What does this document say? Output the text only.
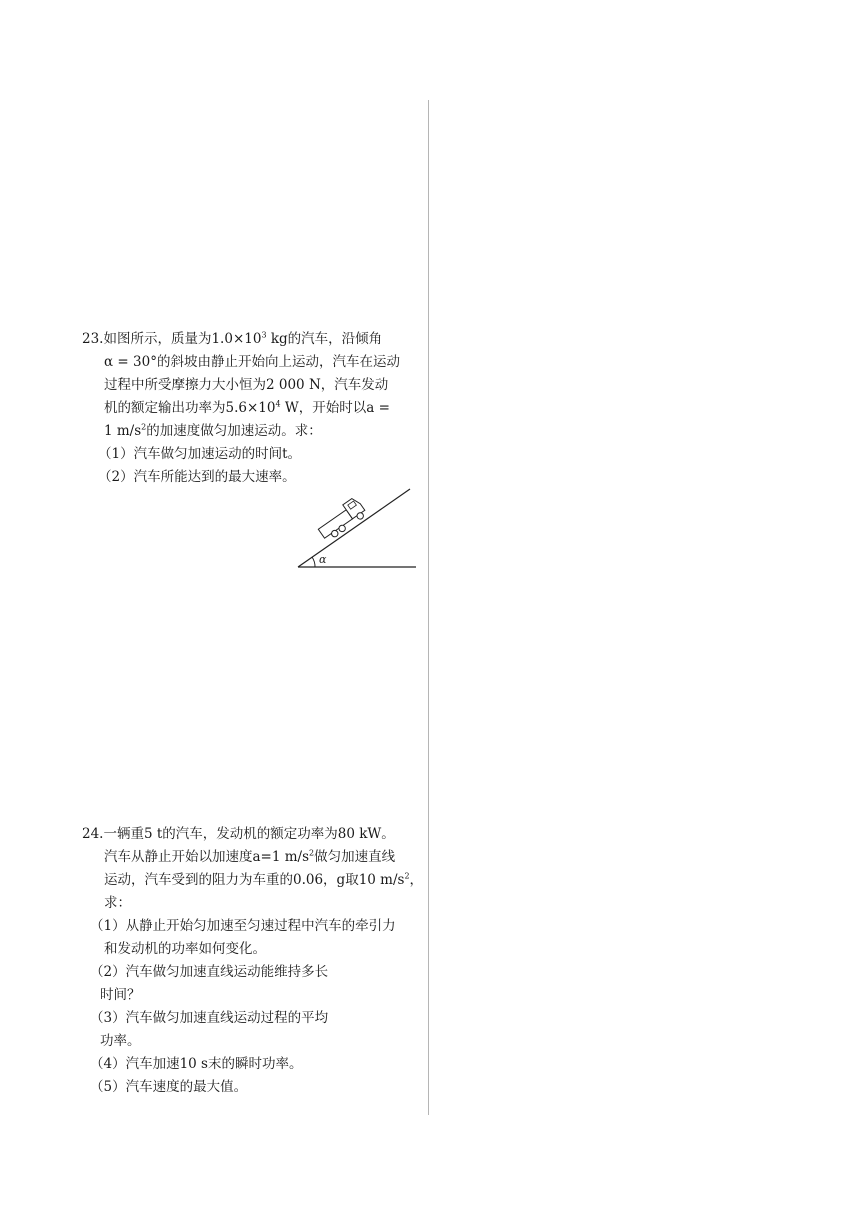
23.如图所示，质量为$1.0\times 10^3$ kg的汽车，沿倾角
α = 30°的斜坡由静止开始向上运动，汽车在运动
过程中所受摩擦力大小恒为2 000 N，汽车发动
机的额定输出功率为$5.6\times 10^4$ W，开始时以a =
1 $m/s^2$的加速度做匀加速运动。求：
（1）汽车做匀加速运动的时间t。
（2）汽车所能达到的最大速率。
α
24.一辆重5 t的汽车，发动机的额定功率为80 kW。
汽车从静止开始以加速度a=1 $m/s^2$做匀加速直线
运动，汽车受到的阻力为车重的0.06，g取10 $m/s^2$，
求：
（1）从静止开始匀加速至匀速过程中汽车的牵引力
和发动机的功率如何变化。
（2）汽车做匀加速直线运动能维持多长
时间？
（3）汽车做匀加速直线运动过程的平均
功率。
（4）汽车加速10 s末的瞬时功率。
（5）汽车速度的最大值。
